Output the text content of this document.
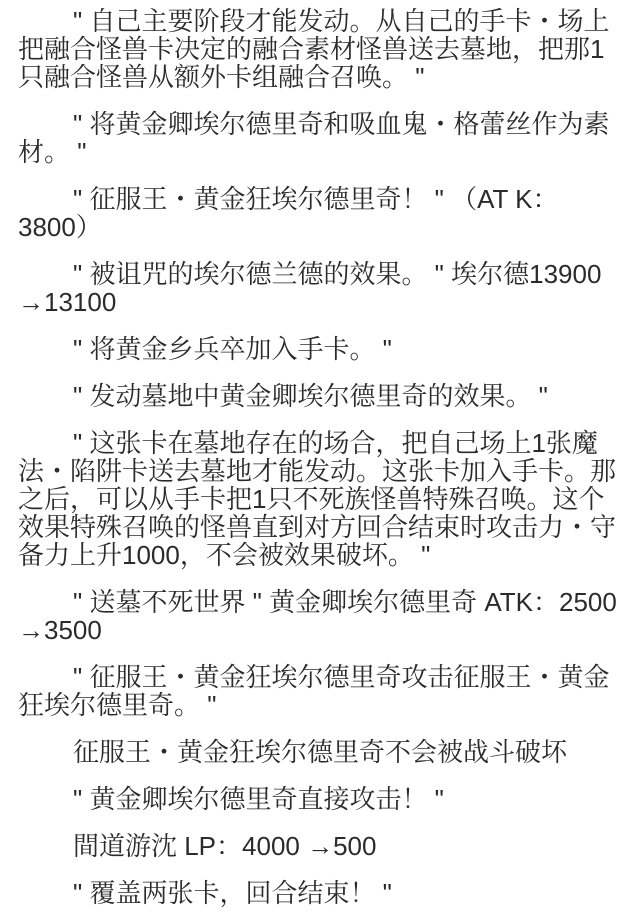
" 自己主要阶段才能发动。从自己的手卡・场上把融合怪兽卡决定的融合素材怪兽送去墓地，把那1只融合怪兽从额外卡组融合召唤。 "

" 将黄金卿埃尔德里奇和吸血鬼・格蕾丝作为素材。 "

" 征服王・黄金狂埃尔德里奇！ " （AT K：3800）

" 被诅咒的埃尔德兰德的效果。 " 埃尔德13900 →13100

" 将黄金乡兵卒加入手卡。 "

" 发动墓地中黄金卿埃尔德里奇的效果。 "

" 这张卡在墓地存在的场合，把自己场上1张魔法・陷阱卡送去墓地才能发动。这张卡加入手卡。那之后，可以从手卡把1只不死族怪兽特殊召唤。这个效果特殊召唤的怪兽直到对方回合结束时攻击力・守备力上升1000，不会被效果破坏。 "

" 送墓不死世界 " 黄金卿埃尔德里奇 ATK：2500 →3500

" 征服王・黄金狂埃尔德里奇攻击征服王・黄金狂埃尔德里奇。 "

征服王・黄金狂埃尔德里奇不会被战斗破坏

" 黄金卿埃尔德里奇直接攻击！ "

間道游沈 LP：4000 →500

" 覆盖两张卡，回合结束！ "
